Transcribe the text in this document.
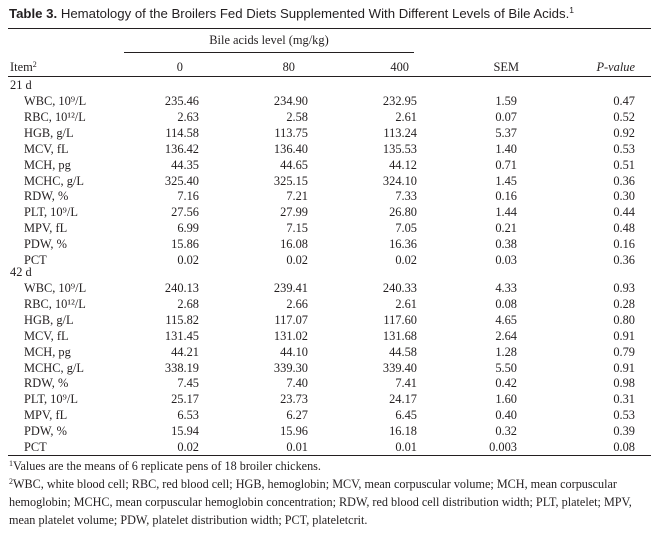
Table 3. Hematology of the Broilers Fed Diets Supplemented With Different Levels of Bile Acids.$^1$
Bile acids level (mg/kg)
Item$^2$	0	80	400	SEM	P-value
21 d
WBC, 10⁹/L	235.46	234.90	232.95	1.59	0.47
RBC, 10¹²/L	2.63	2.58	2.61	0.07	0.52
HGB, g/L	114.58	113.75	113.24	5.37	0.92
MCV, fL	136.42	136.40	135.53	1.40	0.53
MCH, pg	44.35	44.65	44.12	0.71	0.51
MCHC, g/L	325.40	325.15	324.10	1.45	0.36
RDW, %	7.16	7.21	7.33	0.16	0.30
PLT, 10⁹/L	27.56	27.99	26.80	1.44	0.44
MPV, fL	6.99	7.15	7.05	0.21	0.48
PDW, %	15.86	16.08	16.36	0.38	0.16
PCT	0.02	0.02	0.02	0.03	0.36
42 d
WBC, 10⁹/L	240.13	239.41	240.33	4.33	0.93
RBC, 10¹²/L	2.68	2.66	2.61	0.08	0.28
HGB, g/L	115.82	117.07	117.60	4.65	0.80
MCV, fL	131.45	131.02	131.68	2.64	0.91
MCH, pg	44.21	44.10	44.58	1.28	0.79
MCHC, g/L	338.19	339.30	339.40	5.50	0.91
RDW, %	7.45	7.40	7.41	0.42	0.98
PLT, 10⁹/L	25.17	23.73	24.17	1.60	0.31
MPV, fL	6.53	6.27	6.45	0.40	0.53
PDW, %	15.94	15.96	16.18	0.32	0.39
PCT	0.02	0.01	0.01	0.003	0.08
$^1$Values are the means of 6 replicate pens of 18 broiler chickens.
$^2$WBC, white blood cell; RBC, red blood cell; HGB, hemoglobin; MCV, mean corpuscular volume; MCH, mean corpuscular hemoglobin; MCHC, mean corpuscular hemoglobin concentration; RDW, red blood cell distribution width; PLT, platelet; MPV, mean platelet volume; PDW, platelet distribution width; PCT, plateletcrit.
